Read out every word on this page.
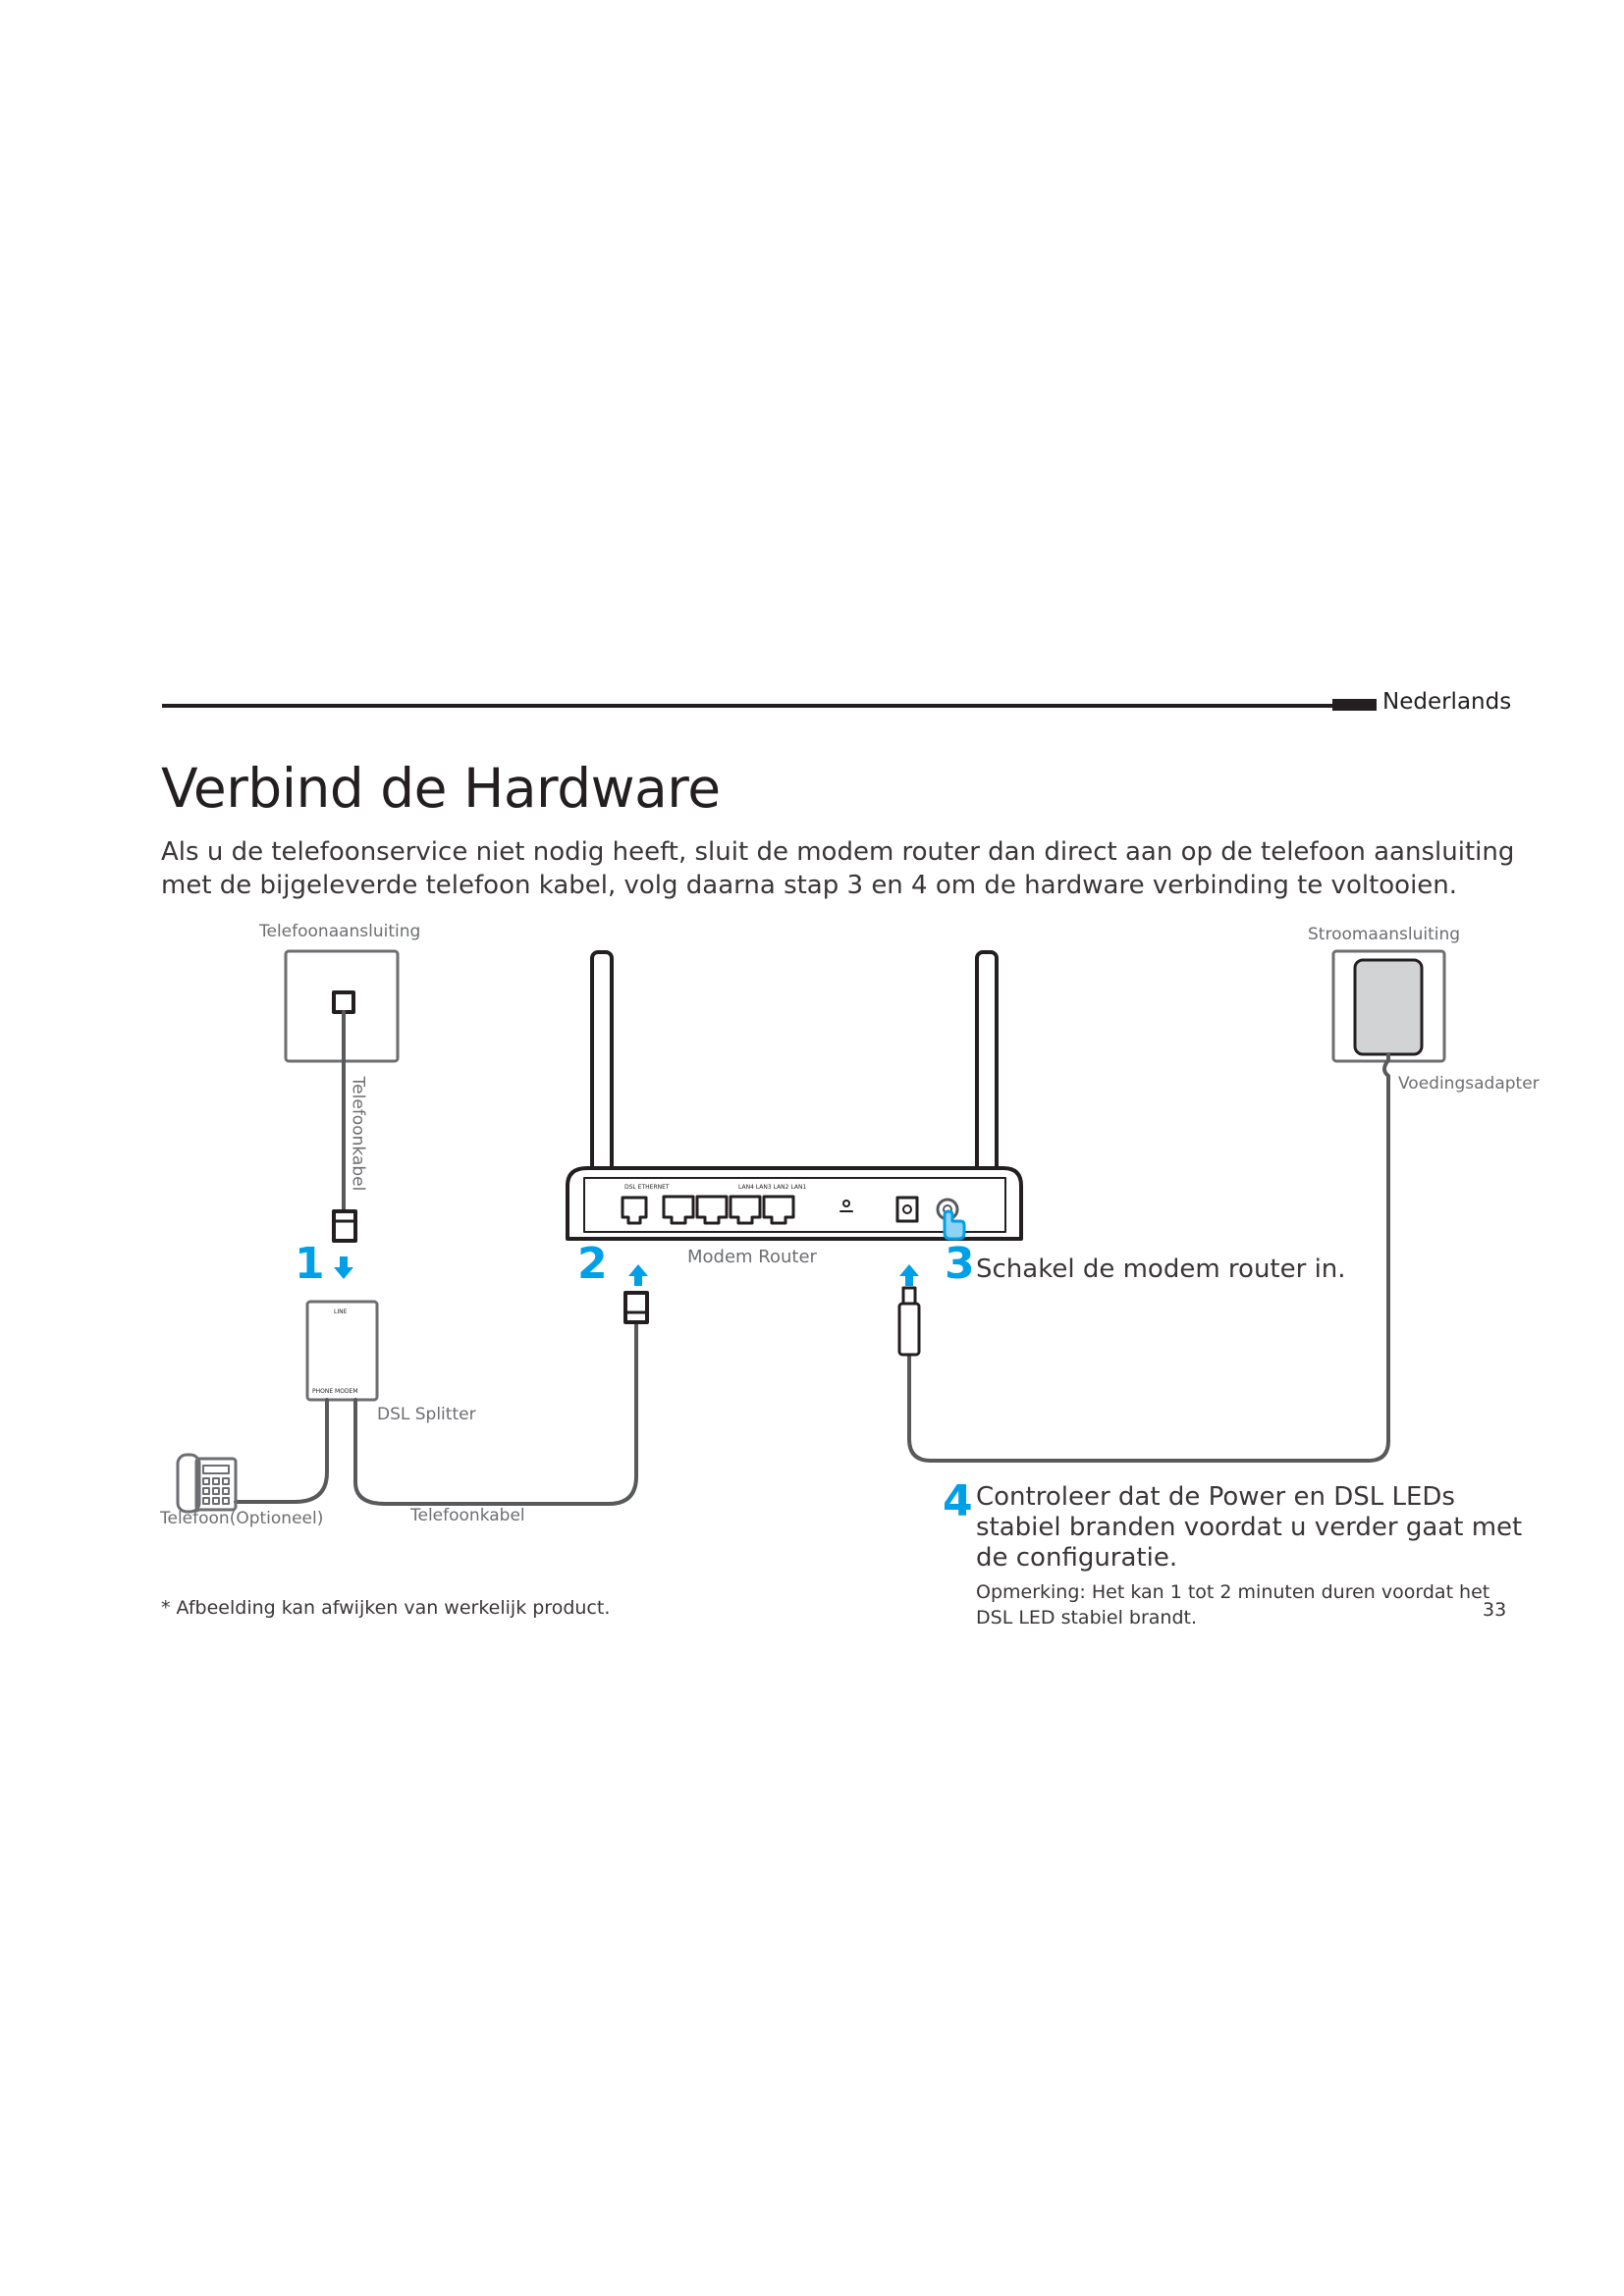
Nederlands
Verbind de Hardware
Als u de telefoonservice niet nodig heeft, sluit de modem router dan direct aan op de telefoon aansluiting met de bijgeleverde telefoon kabel, volg daarna stap 3 en 4 om de hardware verbinding te voltooien.
DSL ETHERNET	LAN4 LAN3 LAN2 LAN1
LINE
PHONE MODEM
Telefoonaansluiting
Telefoonkabel
Stroomaansluiting
Voedingsadapter
Modem Router
DSL Splitter
Telefoon(Optioneel)	Telefoonkabel
1	2	3 Schakel de modem router in.
4 Controleer dat de Power en DSL LEDs stabiel branden voordat u verder gaat met de configuratie.
Opmerking: Het kan 1 tot 2 minuten duren voordat het DSL LED stabiel brandt.
* Afbeelding kan afwijken van werkelijk product.	33
